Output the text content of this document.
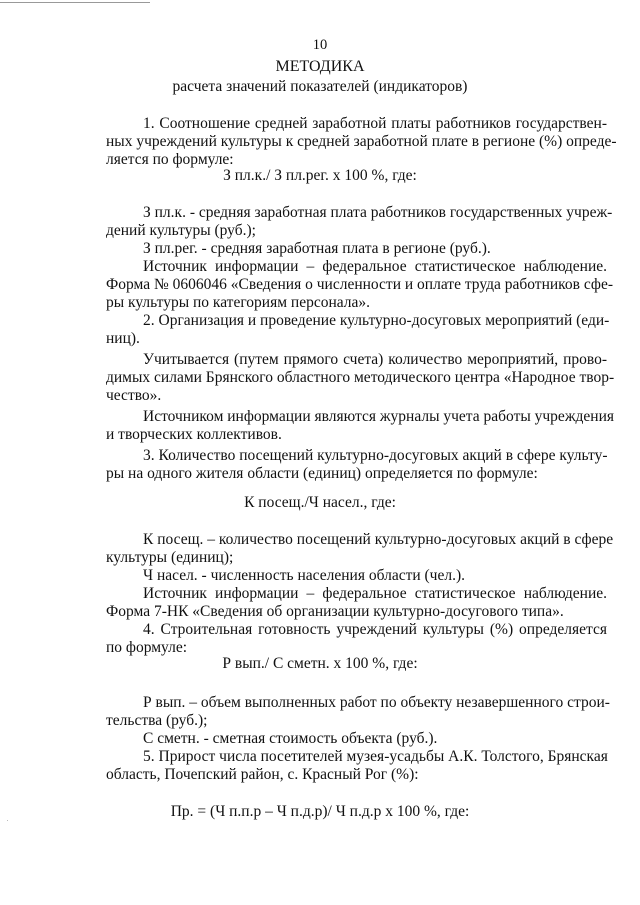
10
МЕТОДИКА
расчета значений показателей (индикаторов)
1. Соотношение средней заработной платы работников государствен-
ных учреждений культуры к средней заработной плате в регионе (%) опреде-
ляется по формуле:
З пл.к./ З пл.рег. х 100 %, где:
З пл.к. - средняя заработная плата работников государственных учреж-
дений культуры (руб.);
З пл.рег. - средняя заработная плата в регионе (руб.).
Источник информации – федеральное статистическое наблюдение.
Форма № 0606046 «Сведения о численности и оплате труда работников сфе-
ры культуры по категориям персонала».
2. Организация и проведение культурно-досуговых мероприятий (еди-
ниц).
Учитывается (путем прямого счета) количество мероприятий, прово-
димых силами Брянского областного методического центра «Народное твор-
чество».
Источником информации являются журналы учета работы учреждения
и творческих коллективов.
3. Количество посещений культурно-досуговых акций в сфере культу-
ры на одного жителя области (единиц) определяется по формуле:
К посещ./Ч насел., где:
К посещ. – количество посещений культурно-досуговых акций в сфере
культуры (единиц);
Ч насел. - численность населения области (чел.).
Источник информации – федеральное статистическое наблюдение.
Форма 7-НК «Сведения об организации культурно-досугового типа».
4. Строительная готовность учреждений культуры (%) определяется
по формуле:
Р вып./ С сметн. х 100 %, где:
Р вып. – объем выполненных работ по объекту незавершенного строи-
тельства (руб.);
С сметн. - сметная стоимость объекта (руб.).
5. Прирост числа посетителей музея-усадьбы А.К. Толстого, Брянская
область, Почепский район, с. Красный Рог (%):
Пр. = (Ч п.п.р – Ч п.д.р)/ Ч п.д.р х 100 %, где:
